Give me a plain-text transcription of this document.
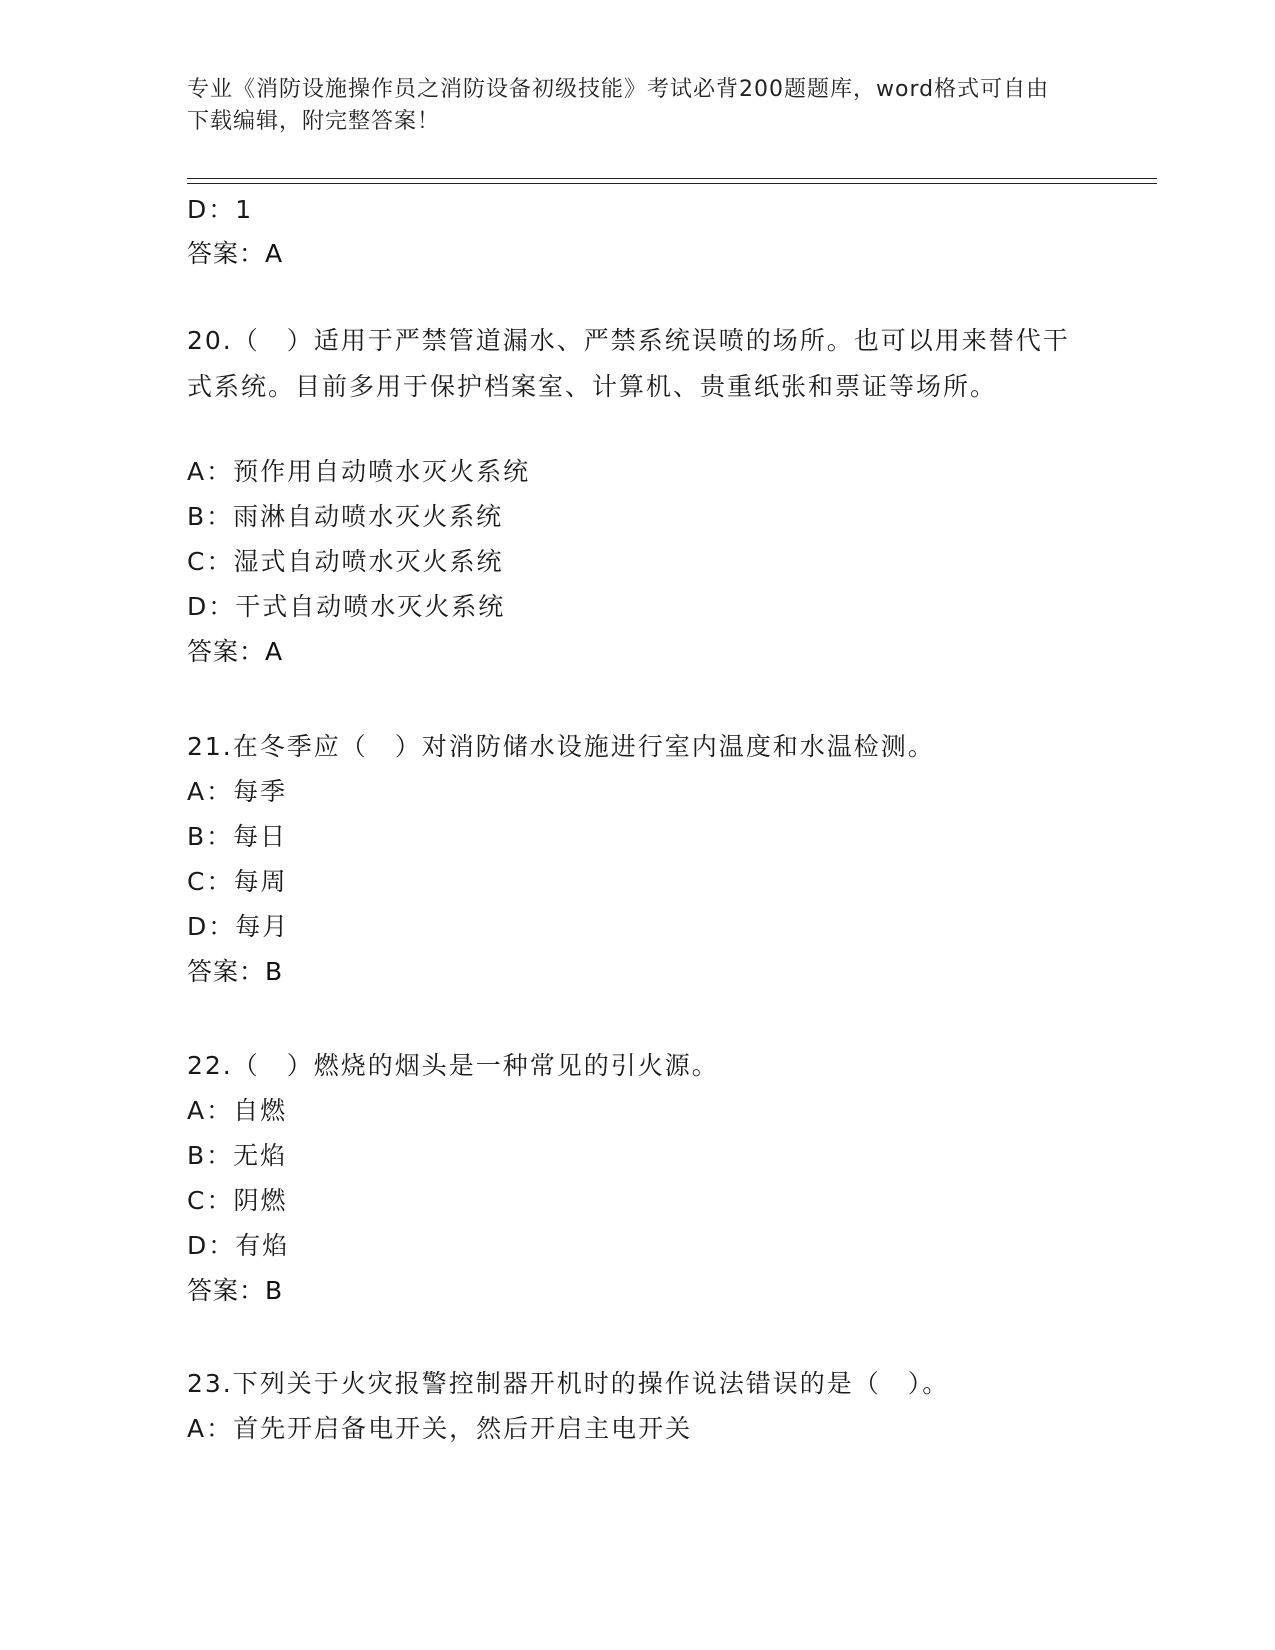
专业《消防设施操作员之消防设备初级技能》考试必背200题题库，word格式可自由下载编辑，附完整答案！
D：1
答案：A
20.（　）适用于严禁管道漏水、严禁系统误喷的场所。也可以用来替代干式系统。目前多用于保护档案室、计算机、贵重纸张和票证等场所。
A：预作用自动喷水灭火系统
B：雨淋自动喷水灭火系统
C：湿式自动喷水灭火系统
D：干式自动喷水灭火系统
答案：A
21.在冬季应（　）对消防储水设施进行室内温度和水温检测。
A：每季
B：每日
C：每周
D：每月
答案：B
22.（　）燃烧的烟头是一种常见的引火源。
A：自燃
B：无焰
C：阴燃
D：有焰
答案：B
23.下列关于火灾报警控制器开机时的操作说法错误的是（　）。
A：首先开启备电开关，然后开启主电开关
